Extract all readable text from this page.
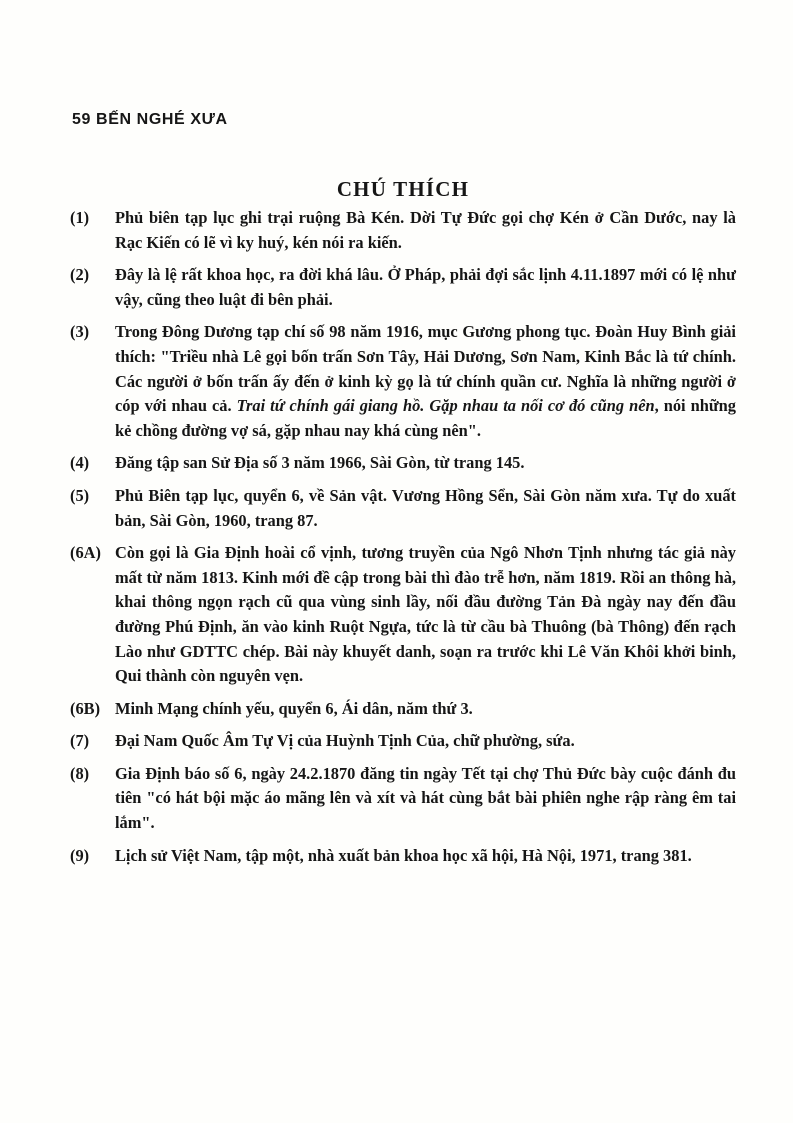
59 BẾN NGHÉ XƯA
CHÚ THÍCH
(1) Phủ biên tạp lục ghi trại ruộng Bà Kén. Dời Tự Đức gọi chợ Kén ở Cần Dước, nay là Rạc Kiến có lẽ vì ky huý, kén nói ra kiến.
(2) Đây là lệ rất khoa học, ra đời khá lâu. Ở Pháp, phải đợi sắc lịnh 4.11.1897 mới có lệ như vậy, cũng theo luật đi bên phải.
(3) Trong Đông Dương tạp chí số 98 năm 1916, mục Gương phong tục. Đoàn Huy Bình giải thích: "Triều nhà Lê gọi bốn trấn Sơn Tây, Hải Dương, Sơn Nam, Kinh Bắc là tứ chính. Các người ở bốn trấn ấy đến ở kinh kỳ gọ là tứ chính quần cư. Nghĩa là những người ở cóp với nhau cả. Trai tứ chính gái giang hồ. Gặp nhau ta nối cơ đó cũng nên, nói những kẻ chồng đường vợ sá, gặp nhau nay khá cùng nên".
(4) Đăng tập san Sử Địa số 3 năm 1966, Sài Gòn, từ trang 145.
(5) Phủ Biên tạp lục, quyển 6, về Sản vật. Vương Hồng Sển, Sài Gòn năm xưa. Tự do xuất bản, Sài Gòn, 1960, trang 87.
(6A) Còn gọi là Gia Định hoài cổ vịnh, tương truyền của Ngô Nhơn Tịnh nhưng tác giả này mất từ năm 1813. Kinh mới đề cập trong bài thì đào trễ hơn, năm 1819. Rồi an thông hà, khai thông ngọn rạch cũ qua vùng sinh lầy, nối đầu đường Tản Đà ngày nay đến đầu đường Phú Định, ăn vào kinh Ruột Ngựa, tức là từ cầu bà Thuông (bà Thông) đến rạch Lào như GDTTC chép. Bài này khuyết danh, soạn ra trước khi Lê Văn Khôi khởi binh, Qui thành còn nguyên vẹn.
(6B) Minh Mạng chính yếu, quyển 6, Ái dân, năm thứ 3.
(7) Đại Nam Quốc Âm Tự Vị của Huỳnh Tịnh Của, chữ phường, sứa.
(8) Gia Định báo số 6, ngày 24.2.1870 đăng tin ngày Tết tại chợ Thủ Đức bày cuộc đánh đu tiên "có hát bội mặc áo mãng lên và xít và hát cùng bắt bài phiên nghe rập ràng êm tai lắm".
(9) Lịch sử Việt Nam, tập một, nhà xuất bản khoa học xã hội, Hà Nội, 1971, trang 381.
